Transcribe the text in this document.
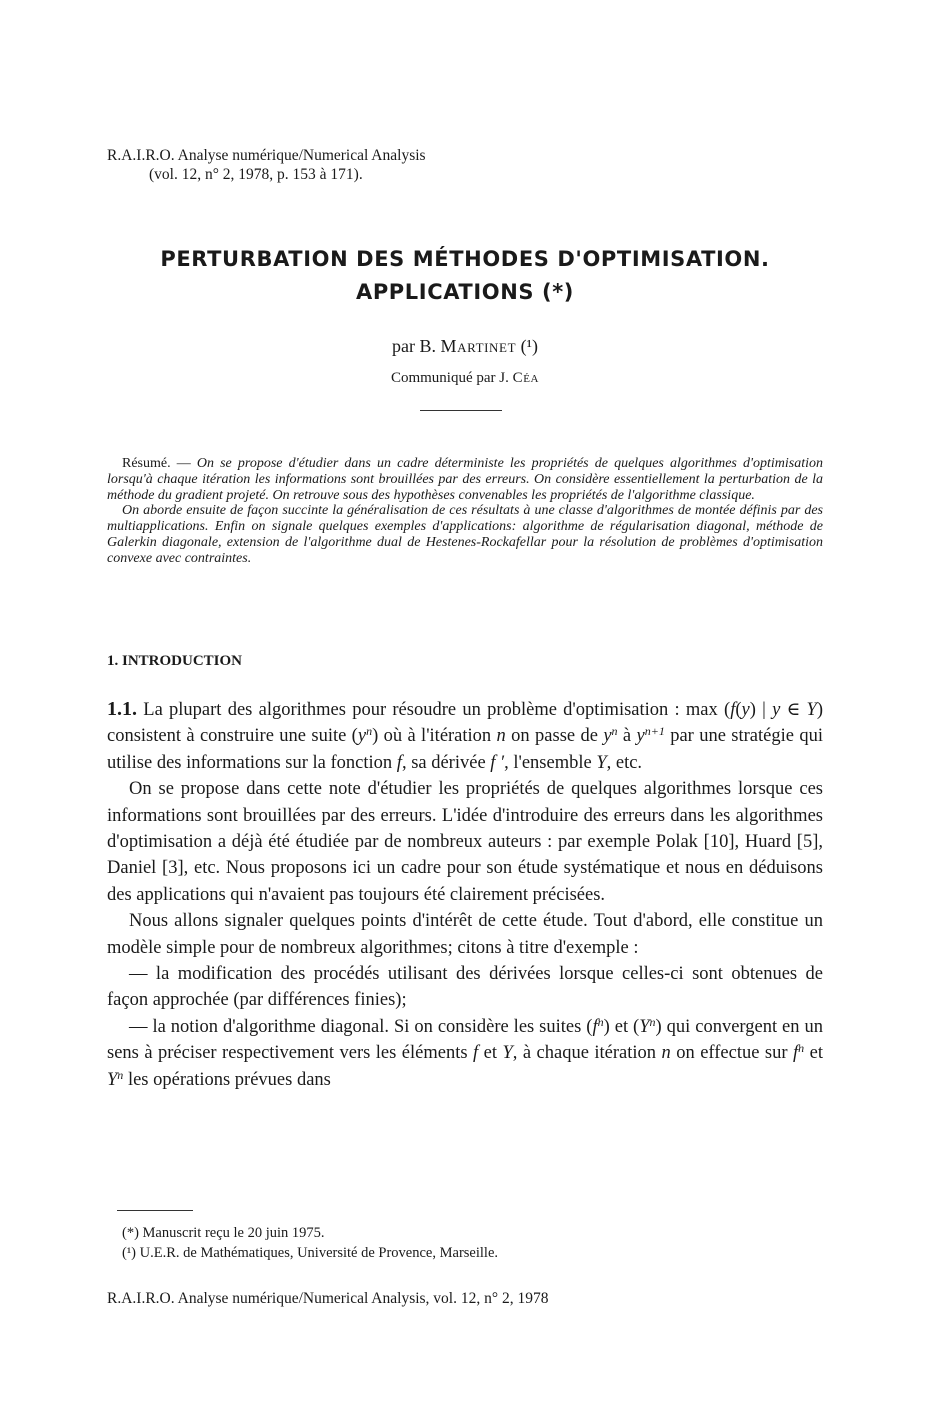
R.A.I.R.O. Analyse numérique/Numerical Analysis
(vol. 12, n° 2, 1978, p. 153 à 171).
PERTURBATION DES MÉTHODES D'OPTIMISATION.
APPLICATIONS (*)
par B. Martinet (¹)
Communiqué par J. Céa

Résumé. — On se propose d'étudier dans un cadre déterministe les propriétés de quelques algorithmes d'optimisation lorsqu'à chaque itération les informations sont brouillées par des erreurs. On considère essentiellement la perturbation de la méthode du gradient projeté. On retrouve sous des hypothèses convenables les propriétés de l'algorithme classique.

On aborde ensuite de façon succinte la généralisation de ces résultats à une classe d'algorithmes de montée définis par des multiapplications. Enfin on signale quelques exemples d'applications: algorithme de régularisation diagonal, méthode de Galerkin diagonale, extension de l'algorithme dual de Hestenes-Rockafellar pour la résolution de problèmes d'optimisation convexe avec contraintes.

1. INTRODUCTION

1.1. La plupart des algorithmes pour résoudre un problème d'optimisation : max (f(y) | y ∈ Y) consistent à construire une suite $(y^n)$ où à l'itération n on passe de $y^n$ à $y^{n+1}$ par une stratégie qui utilise des informations sur la fonction f, sa dérivée f ′, l'ensemble Y, etc.

On se propose dans cette note d'étudier les propriétés de quelques algorithmes lorsque ces informations sont brouillées par des erreurs. L'idée d'introduire des erreurs dans les algorithmes d'optimisation a déjà été étudiée par de nombreux auteurs : par exemple Polak [10], Huard [5], Daniel [3], etc. Nous proposons ici un cadre pour son étude systématique et nous en déduisons des applications qui n'avaient pas toujours été clairement précisées.

Nous allons signaler quelques points d'intérêt de cette étude. Tout d'abord, elle constitue un modèle simple pour de nombreux algorithmes; citons à titre d'exemple :

— la modification des procédés utilisant des dérivées lorsque celles-ci sont obtenues de façon approchée (par différences finies);

— la notion d'algorithme diagonal. Si on considère les suites $(f^n)$ et $(Y^n)$ qui convergent en un sens à préciser respectivement vers les éléments f et Y, à chaque itération n on effectue sur $f^n$ et $Y^n$ les opérations prévues dans

(*) Manuscrit reçu le 20 juin 1975.
(¹) U.E.R. de Mathématiques, Université de Provence, Marseille.
R.A.I.R.O. Analyse numérique/Numerical Analysis, vol. 12, n° 2, 1978
